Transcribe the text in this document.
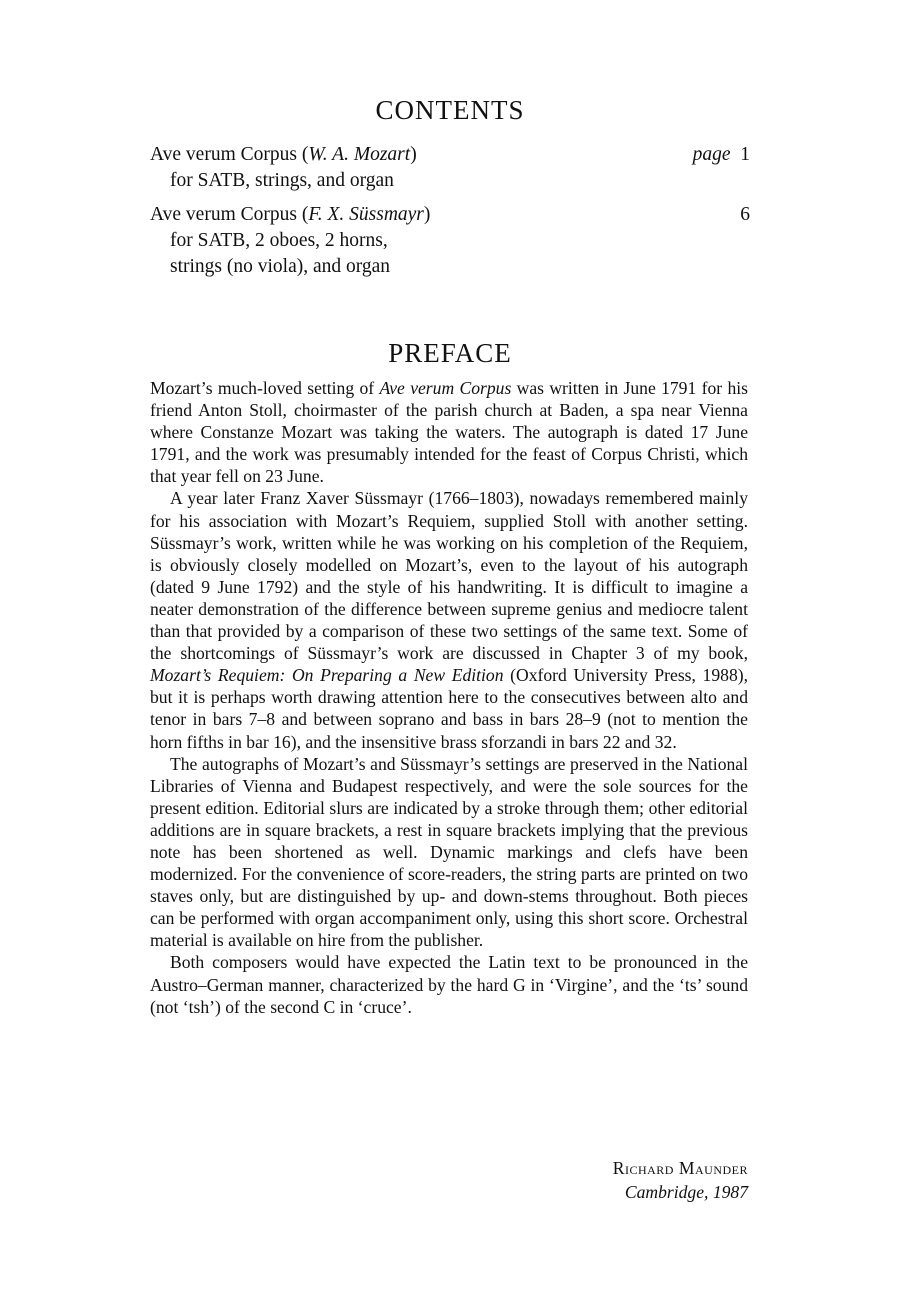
CONTENTS
Ave verum Corpus (W. A. Mozart)	page 1
for SATB, strings, and organ
Ave verum Corpus (F. X. Süssmayr)	6
for SATB, 2 oboes, 2 horns,
strings (no viola), and organ
PREFACE

Mozart’s much-loved setting of Ave verum Corpus was written in June 1791 for his friend Anton Stoll, choirmaster of the parish church at Baden, a spa near Vienna where Constanze Mozart was taking the waters. The autograph is dated 17 June 1791, and the work was presumably intended for the feast of Corpus Christi, which that year fell on 23 June.

A year later Franz Xaver Süssmayr (1766–1803), nowadays remembered mainly for his association with Mozart’s Requiem, supplied Stoll with another setting. Süssmayr’s work, written while he was working on his completion of the Requiem, is obviously closely modelled on Mozart’s, even to the layout of his autograph (dated 9 June 1792) and the style of his handwriting. It is difficult to imagine a neater demonstration of the difference between supreme genius and mediocre talent than that provided by a comparison of these two settings of the same text. Some of the shortcomings of Süssmayr’s work are discussed in Chapter 3 of my book, Mozart’s Requiem: On Preparing a New Edition (Oxford University Press, 1988), but it is perhaps worth drawing attention here to the consecutives between alto and tenor in bars 7–8 and between soprano and bass in bars 28–9 (not to mention the horn fifths in bar 16), and the insensitive brass sforzandi in bars 22 and 32.

The autographs of Mozart’s and Süssmayr’s settings are preserved in the National Libraries of Vienna and Budapest respectively, and were the sole sources for the present edition. Editorial slurs are indicated by a stroke through them; other editorial additions are in square brackets, a rest in square brackets implying that the previous note has been shortened as well. Dynamic markings and clefs have been modernized. For the convenience of score-readers, the string parts are printed on two staves only, but are distinguished by up- and down-stems throughout. Both pieces can be performed with organ accompaniment only, using this short score. Orchestral material is available on hire from the publisher.

Both composers would have expected the Latin text to be pronounced in the Austro–German manner, characterized by the hard G in ‘Virgine’, and the ‘ts’ sound (not ‘tsh’) of the second C in ‘cruce’.

Richard Maunder
Cambridge, 1987
